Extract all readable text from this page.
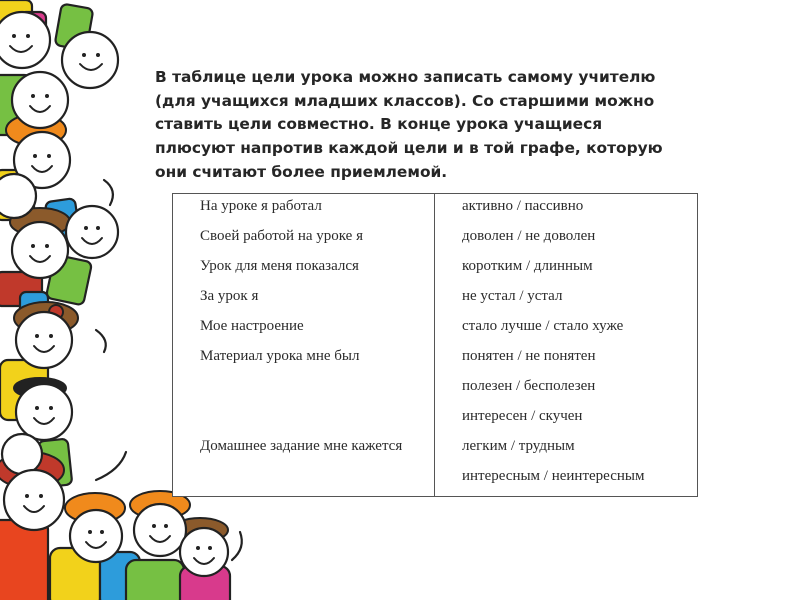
В таблице цели урока можно записать самому учителю
(для учащихся младших классов). Со старшими можно
ставить цели совместно. В конце урока учащиеся
плюсуют напротив каждой цели и в той графе, которую
они считают более приемлемой.

На уроке я работал
Своей работой на уроке я
Урок для меня показался
За урок я
Мое настроение
Материал урока мне был
Домашнее задание мне кажется
активно / пассивно
доволен / не доволен
коротким / длинным
не устал / устал
стало лучше / стало хуже
понятен / не понятен
полезен / бесполезен
интересен / скучен
легким / трудным
интересным / неинтересным
